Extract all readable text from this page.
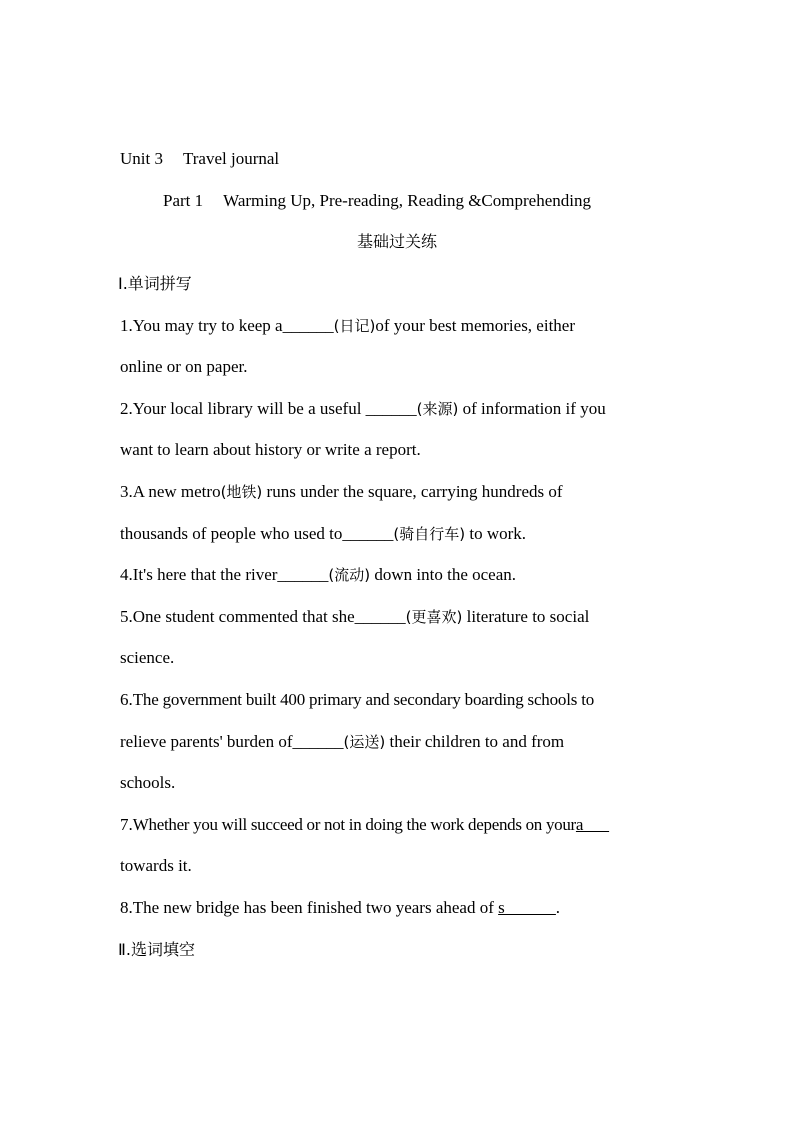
Unit 3 Travel journal
Part 1 Warming Up, Pre-reading, Reading &Comprehending
基础过关练
Ⅰ.单词拼写
1.You may try to keep a______(日记)of your best memories, either
online or on paper.
2.Your local library will be a useful ______(来源) of information if you
want to learn about history or write a report.
3.A new metro(地铁) runs under the square, carrying hundreds of
thousands of people who used to______(骑自行车) to work.
4.It's here that the river______(流动) down into the ocean.
5.One student commented that she______(更喜欢) literature to social
science.
6.The government built 400 primary and secondary boarding schools to
relieve parents' burden of______(运送) their children to and from
schools.
7.Whether you will succeed or not in doing the work depends on youra___
towards it.
8.The new bridge has been finished two years ahead of s______.
Ⅱ.选词填空
